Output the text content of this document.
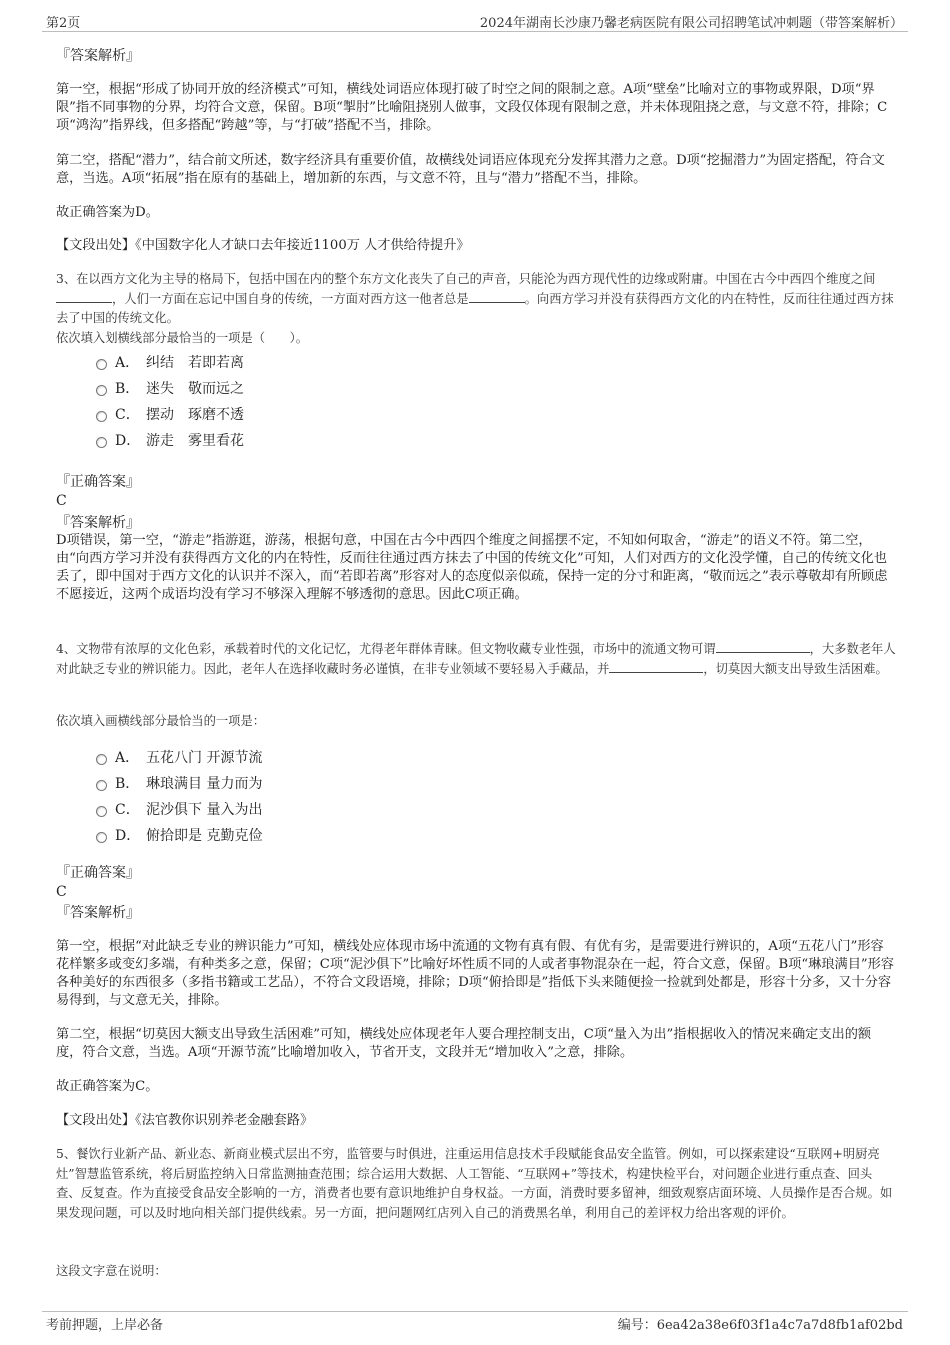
第2页	2024年湖南长沙康乃馨老病医院有限公司招聘笔试冲刺题（带答案解析）
『答案解析』

第一空，根据“形成了协同开放的经济模式”可知，横线处词语应体现打破了时空之间的限制之意。A项“壁垒”比喻对立的事物或界限，D项“界限”指不同事物的分界，均符合文意，保留。B项“掣肘”比喻阻挠别人做事，文段仅体现有限制之意，并未体现阻挠之意，与文意不符，排除；C项“鸿沟”指界线，但多搭配“跨越”等，与“打破”搭配不当，排除。

第二空，搭配“潜力”，结合前文所述，数字经济具有重要价值，故横线处词语应体现充分发挥其潜力之意。D项“挖掘潜力”为固定搭配，符合文意，当选。A项“拓展”指在原有的基础上，增加新的东西，与文意不符，且与“潜力”搭配不当，排除。

故正确答案为D。
【文段出处】《中国数字化人才缺口去年接近1100万 人才供给待提升》

3、在以西方文化为主导的格局下，包括中国在内的整个东方文化丧失了自己的声音，只能沦为西方现代性的边缘或附庸。中国在古今中西四个维度之间，人们一方面在忘记中国自身的传统，一方面对西方这一他者总是	。向西方学习并没有获得西方文化的内在特性，反而往往通过西方抹去了中国的传统文化。

依次填入划横线部分最恰当的一项是（　　）。
A． 纠结　若即若离
B． 迷失　敬而远之
C． 摆动　琢磨不透
D． 游走　雾里看花
『正确答案』
C
『答案解析』

D项错误，第一空，“游走”指游逛，游荡，根据句意，中国在古今中西四个维度之间摇摆不定，不知如何取舍，“游走”的语义不符。第二空，由“向西方学习并没有获得西方文化的内在特性，反而往往通过西方抹去了中国的传统文化”可知，人们对西方的文化没学懂，自己的传统文化也丢了，即中国对于西方文化的认识并不深入，而“若即若离”形容对人的态度似亲似疏，保持一定的分寸和距离，“敬而远之”表示尊敬却有所顾虑不愿接近，这两个成语均没有学习不够深入理解不够透彻的意思。因此C项正确。

4、文物带有浓厚的文化色彩，承载着时代的文化记忆，尤得老年群体青睐。但文物收藏专业性强，市场中的流通文物可谓	，大多数老年人对此缺乏专业的辨识能力。因此，老年人在选择收藏时务必谨慎，在非专业领域不要轻易入手藏品，并	，切莫因大额支出导致生活困难。

依次填入画横线部分最恰当的一项是：
A． 五花八门 开源节流
B． 琳琅满目 量力而为
C． 泥沙俱下 量入为出
D． 俯拾即是 克勤克俭
『正确答案』
C
『答案解析』

第一空，根据“对此缺乏专业的辨识能力”可知，横线处应体现市场中流通的文物有真有假、有优有劣，是需要进行辨识的，A项“五花八门”形容花样繁多或变幻多端，有种类多之意，保留；C项“泥沙俱下”比喻好坏性质不同的人或者事物混杂在一起，符合文意，保留。B项“琳琅满目”形容各种美好的东西很多（多指书籍或工艺品），不符合文段语境，排除；D项“俯拾即是”指低下头来随便捡一捡就到处都是，形容十分多，又十分容易得到，与文意无关，排除。

第二空，根据“切莫因大额支出导致生活困难”可知，横线处应体现老年人要合理控制支出，C项“量入为出”指根据收入的情况来确定支出的额度，符合文意，当选。A项“开源节流”比喻增加收入，节省开支，文段并无“增加收入”之意，排除。

故正确答案为C。
【文段出处】《法官教你识别养老金融套路》

5、餐饮行业新产品、新业态、新商业模式层出不穷，监管要与时俱进，注重运用信息技术手段赋能食品安全监管。例如，可以探索建设“互联网+明厨亮灶”智慧监管系统，将后厨监控纳入日常监测抽查范围；综合运用大数据、人工智能、“互联网+”等技术，构建快检平台，对问题企业进行重点查、回头查、反复查。作为直接受食品安全影响的一方，消费者也要有意识地维护自身权益。一方面，消费时要多留神，细致观察店面环境、人员操作是否合规。如果发现问题，可以及时地向相关部门提供线索。另一方面，把问题网红店列入自己的消费黑名单，利用自己的差评权力给出客观的评价。

这段文字意在说明：
考前押题，上岸必备	编号：6ea42a38e6f03f1a4c7a7d8fb1af02bd
